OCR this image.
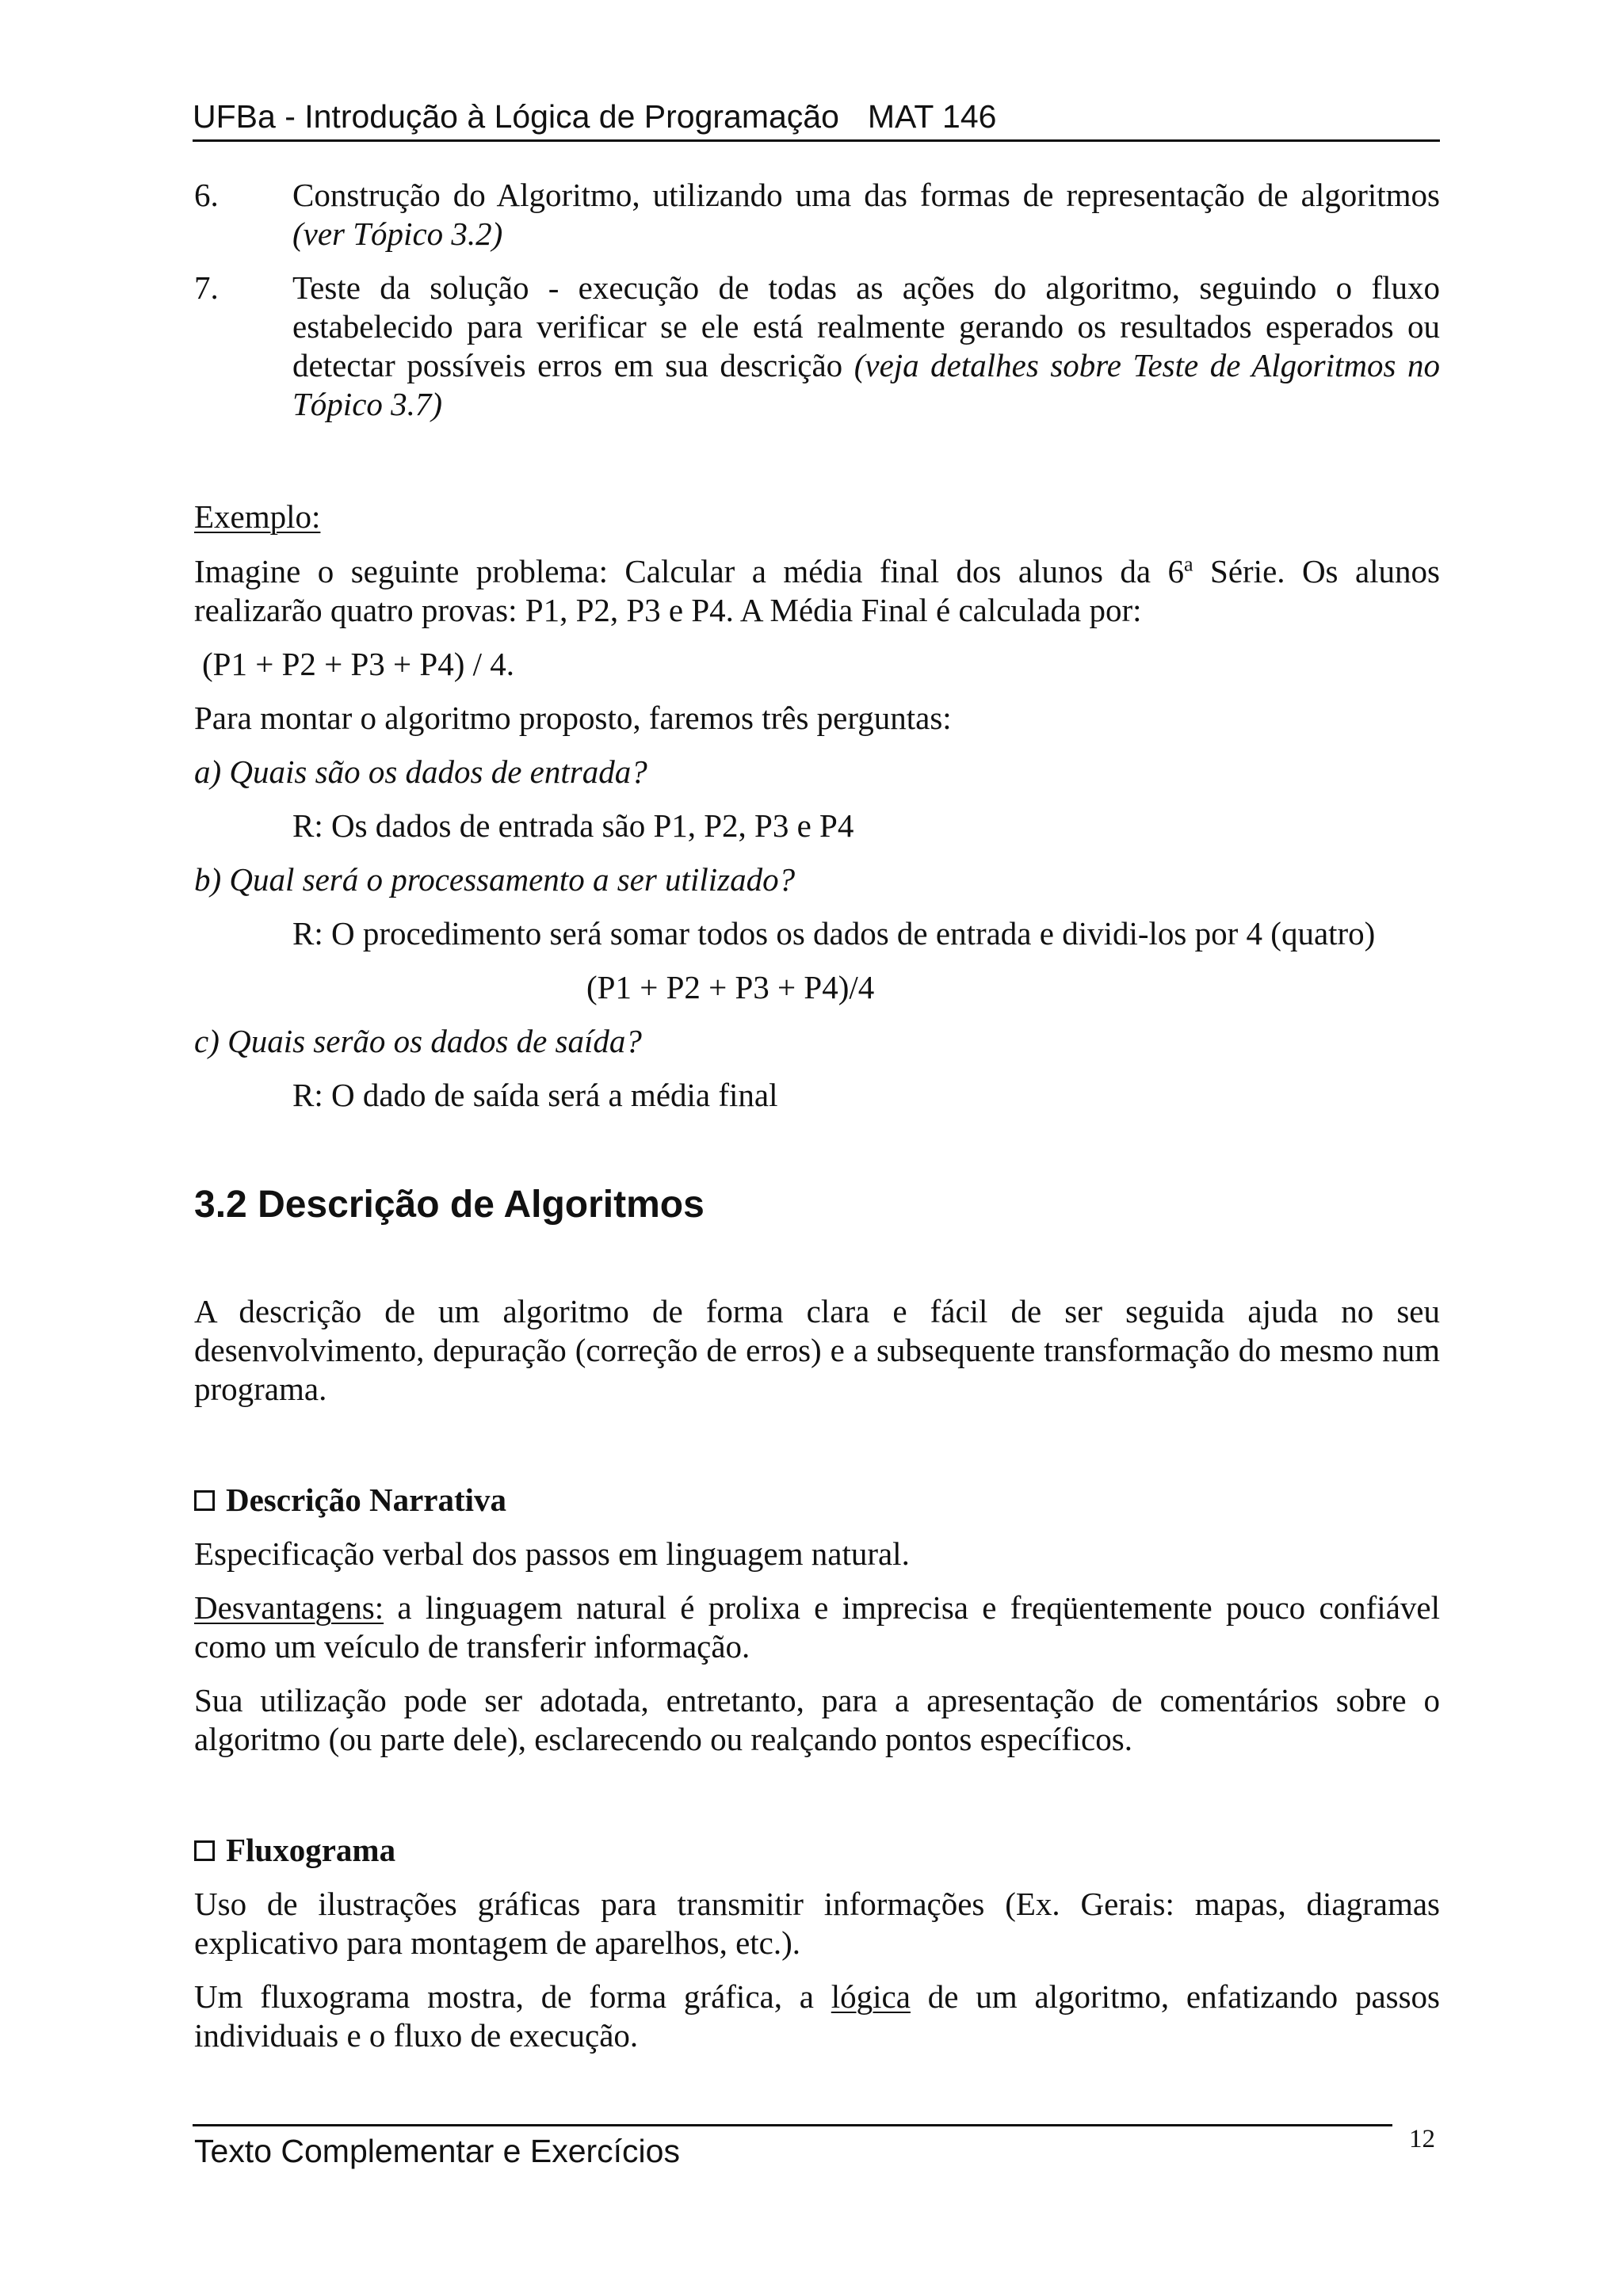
UFBa - Introdução à Lógica de Programação MAT 146

6. Construção do Algoritmo, utilizando uma das formas de representação de algoritmos (ver Tópico 3.2)

7. Teste da solução - execução de todas as ações do algoritmo, seguindo o fluxo estabelecido para verificar se ele está realmente gerando os resultados esperados ou detectar possíveis erros em sua descrição (veja detalhes sobre Teste de Algoritmos no Tópico 3.7)

Exemplo:

Imagine o seguinte problema: Calcular a média final dos alunos da 6$^a$ Série. Os alunos realizarão quatro provas: P1, P2, P3 e P4. A Média Final é calculada por:

(P1 + P2 + P3 + P4) / 4.

Para montar o algoritmo proposto, faremos três perguntas:

a) Quais são os dados de entrada?

R: Os dados de entrada são P1, P2, P3 e P4

b) Qual será o processamento a ser utilizado?

R: O procedimento será somar todos os dados de entrada e dividi-los por 4 (quatro)

(P1 + P2 + P3 + P4)/4

c) Quais serão os dados de saída?

R: O dado de saída será a média final

3.2 Descrição de Algoritmos

A descrição de um algoritmo de forma clara e fácil de ser seguida ajuda no seu desenvolvimento, depuração (correção de erros) e a subsequente transformação do mesmo num programa.

Descrição Narrativa

Especificação verbal dos passos em linguagem natural.

Desvantagens: a linguagem natural é prolixa e imprecisa e freqüentemente pouco confiável como um veículo de transferir informação.

Sua utilização pode ser adotada, entretanto, para a apresentação de comentários sobre o algoritmo (ou parte dele), esclarecendo ou realçando pontos específicos.

Fluxograma

Uso de ilustrações gráficas para transmitir informações (Ex. Gerais: mapas, diagramas explicativo para montagem de aparelhos, etc.).

Um fluxograma mostra, de forma gráfica, a lógica de um algoritmo, enfatizando passos individuais e o fluxo de execução.

Texto Complementar e Exercícios	12
